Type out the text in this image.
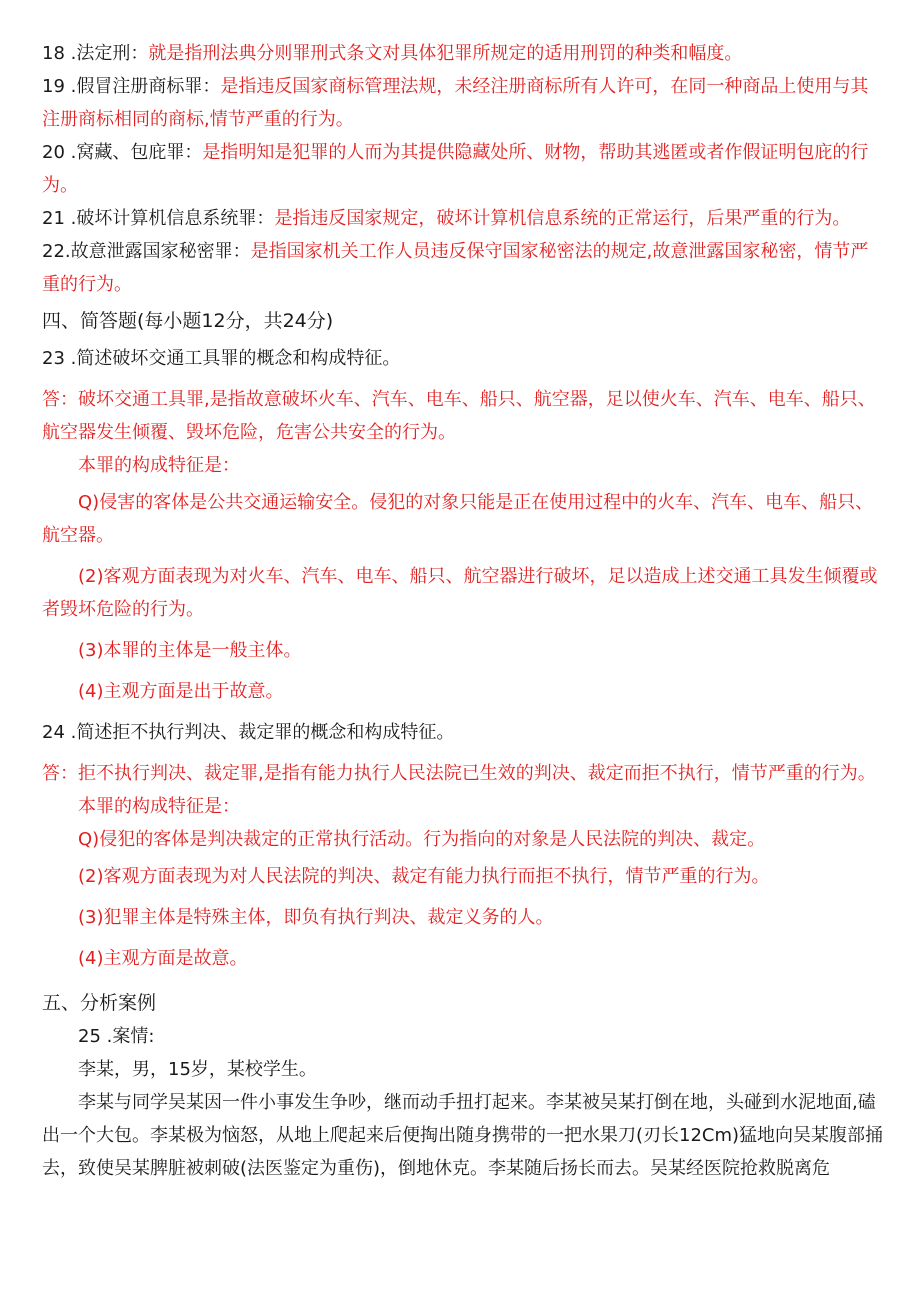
18 .法定刑：就是指刑法典分则罪刑式条文对具体犯罪所规定的适用刑罚的种类和幅度。
19 .假冒注册商标罪：是指违反国家商标管理法规，未经注册商标所有人许可，在同一种商品上使用与其注册商标相同的商标,情节严重的行为。
20 .窝藏、包庇罪：是指明知是犯罪的人而为其提供隐藏处所、财物，帮助其逃匿或者作假证明包庇的行为。
21 .破坏计算机信息系统罪：是指违反国家规定，破坏计算机信息系统的正常运行，后果严重的行为。
22.故意泄露国家秘密罪：是指国家机关工作人员违反保守国家秘密法的规定,故意泄露国家秘密，情节严重的行为。
四、简答题(每小题12分，共24分)
23 .简述破坏交通工具罪的概念和构成特征。
答：破坏交通工具罪,是指故意破坏火车、汽车、电车、船只、航空器，足以使火车、汽车、电车、船只、航空器发生倾覆、毁坏危险，危害公共安全的行为。
本罪的构成特征是：
Q)侵害的客体是公共交通运输安全。侵犯的对象只能是正在使用过程中的火车、汽车、电车、船只、航空器。
(2)客观方面表现为对火车、汽车、电车、船只、航空器进行破坏，足以造成上述交通工具发生倾覆或者毁坏危险的行为。
(3)本罪的主体是一般主体。
(4)主观方面是出于故意。
24 .简述拒不执行判决、裁定罪的概念和构成特征。
答：拒不执行判决、裁定罪,是指有能力执行人民法院已生效的判决、裁定而拒不执行，情节严重的行为。
本罪的构成特征是：
Q)侵犯的客体是判决裁定的正常执行活动。行为指向的对象是人民法院的判决、裁定。
(2)客观方面表现为对人民法院的判决、裁定有能力执行而拒不执行，情节严重的行为。
(3)犯罪主体是特殊主体，即负有执行判决、裁定义务的人。
(4)主观方面是故意。
五、分析案例
25 .案情:
李某，男，15岁，某校学生。
李某与同学吴某因一件小事发生争吵，继而动手扭打起来。李某被吴某打倒在地，头碰到水泥地面,磕出一个大包。李某极为恼怒，从地上爬起来后便掏出随身携带的一把水果刀(刃长12Cm)猛地向吴某腹部捅去，致使吴某脾脏被刺破(法医鉴定为重伤)，倒地休克。李某随后扬长而去。吴某经医院抢救脱离危
